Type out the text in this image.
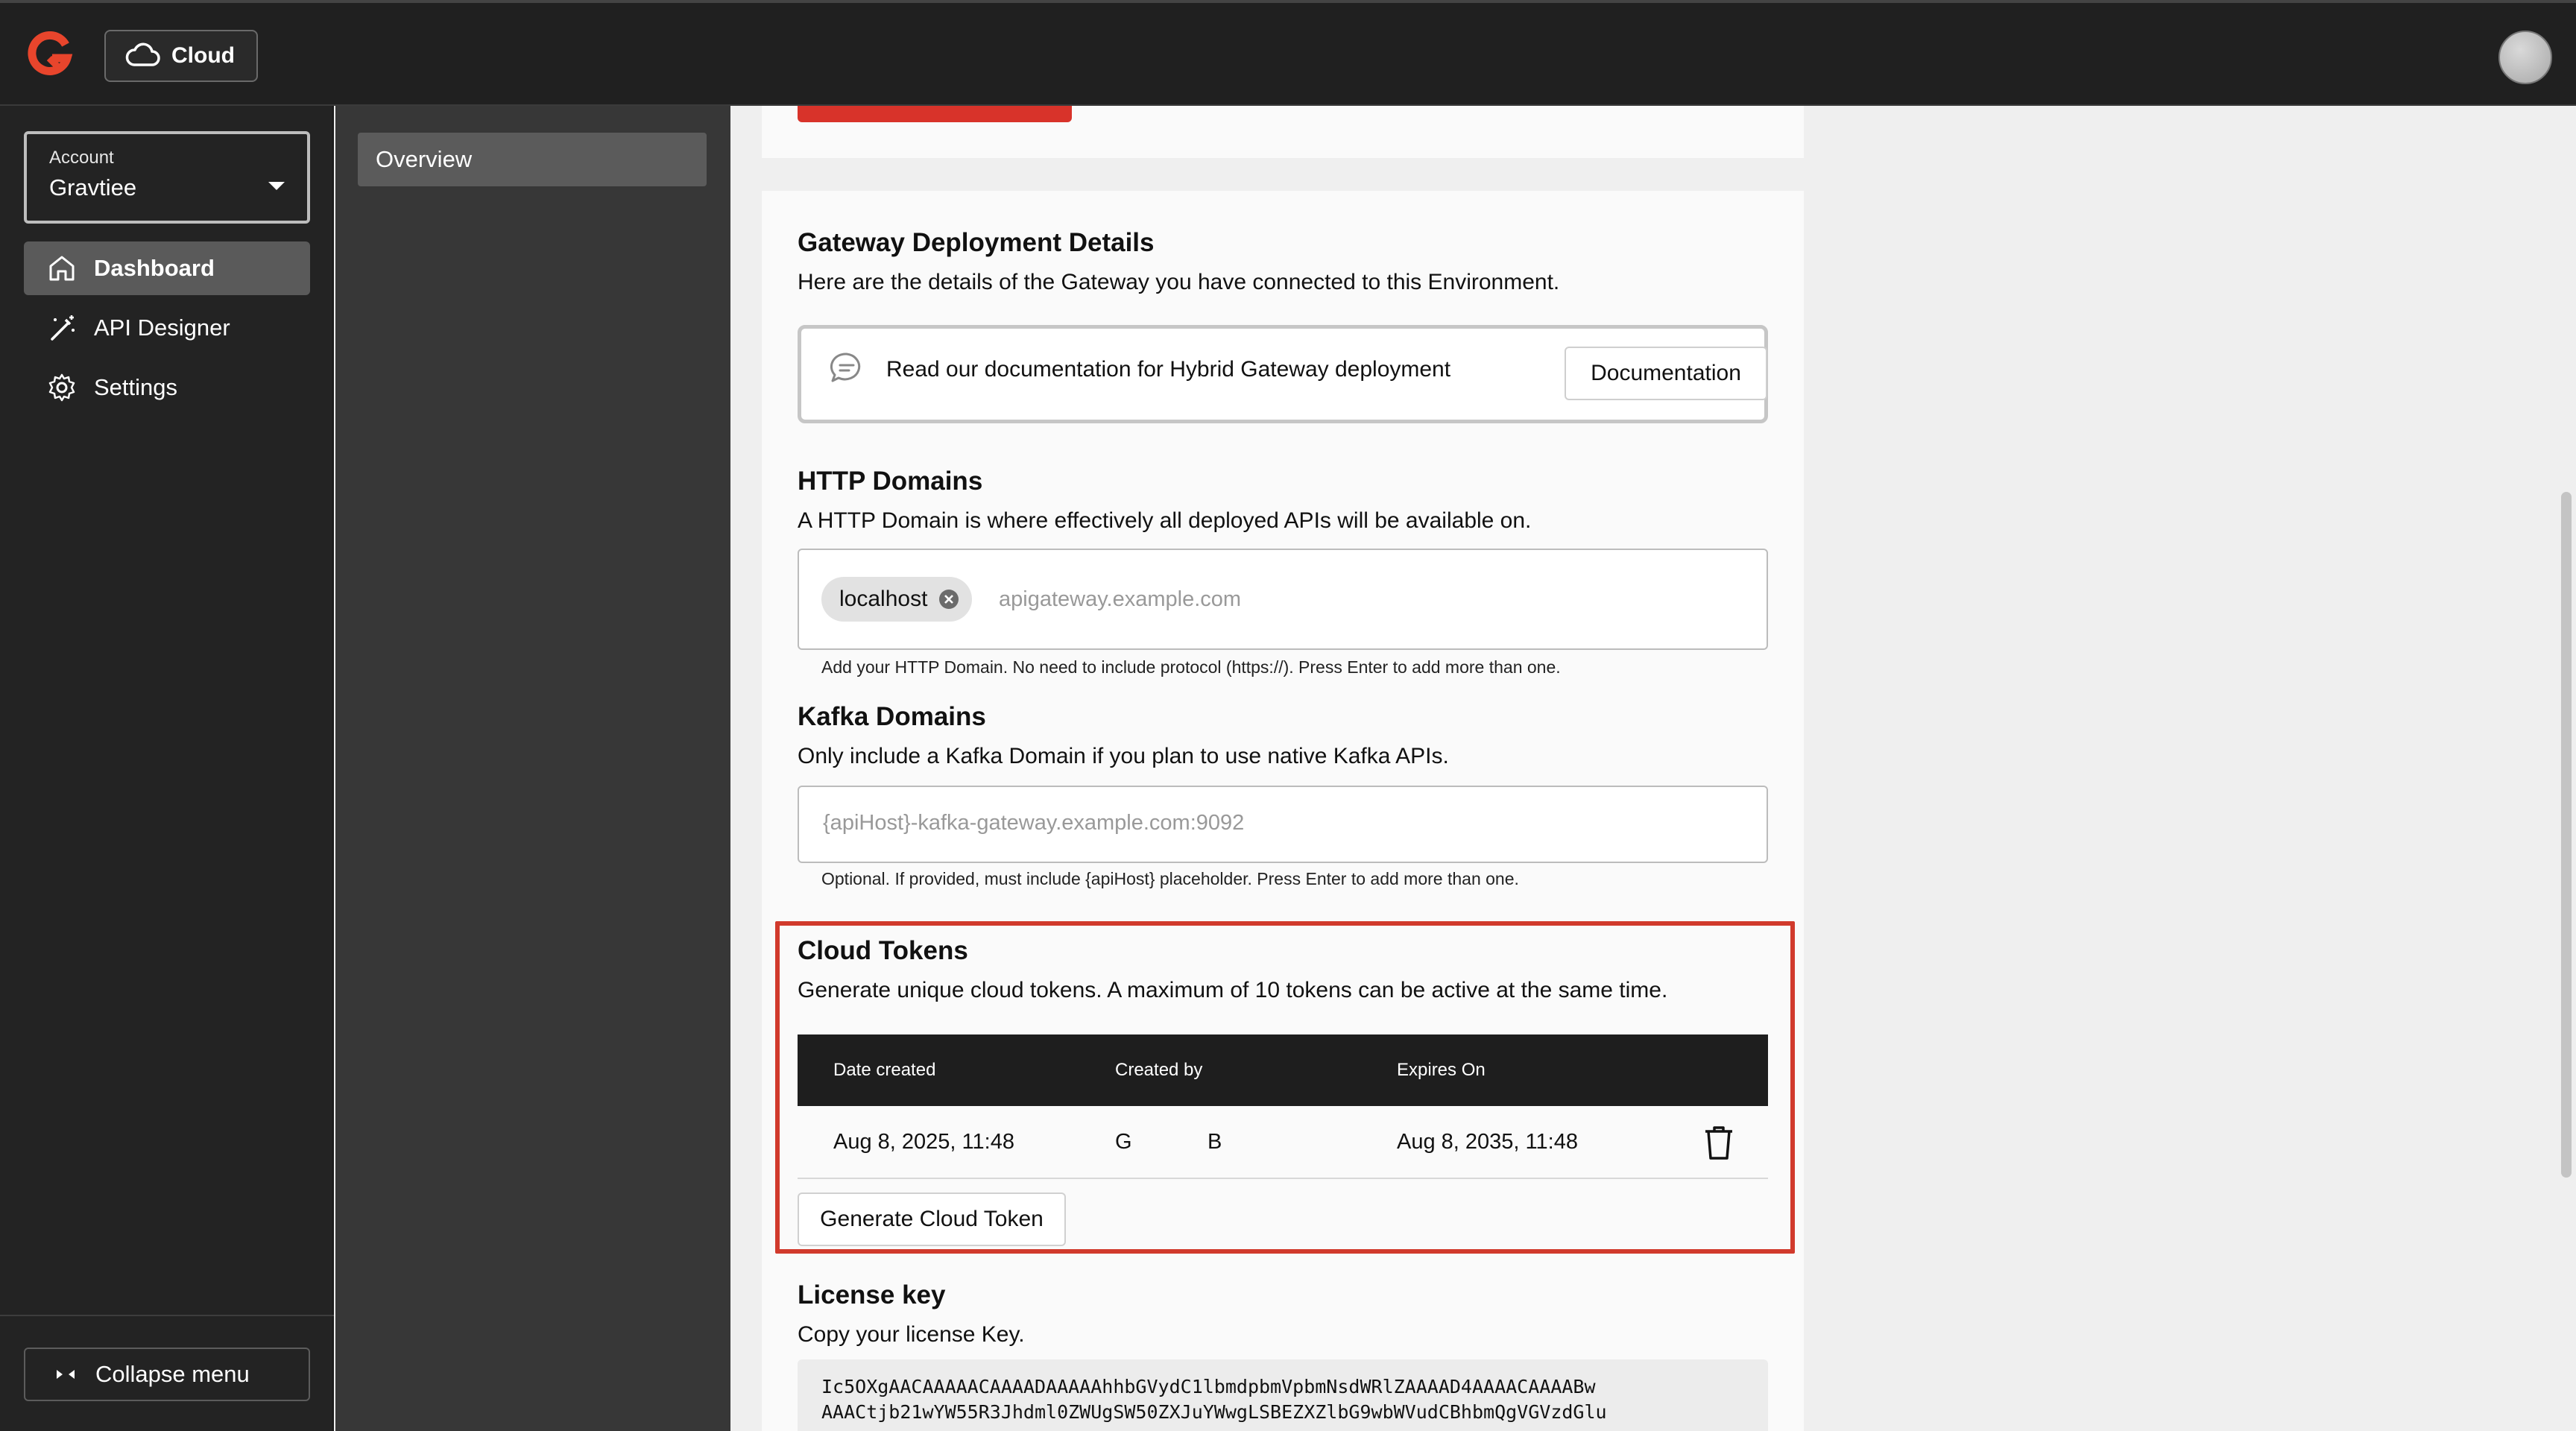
Cloud
Account
Gravtiee
Dashboard
API Designer
Settings
Collapse menu
Overview
Gateway Deployment Details
Here are the details of the Gateway you have connected to this Environment.
Read our documentation for Hybrid Gateway deployment	Documentation
HTTP Domains
A HTTP Domain is where effectively all deployed APIs will be available on.
localhost	apigateway.example.com
Add your HTTP Domain. No need to include protocol (https://). Press Enter to add more than one.
Kafka Domains
Only include a Kafka Domain if you plan to use native Kafka APIs.
{apiHost}-kafka-gateway.example.com:9092
Optional. If provided, must include {apiHost} placeholder. Press Enter to add more than one.
Cloud Tokens
Generate unique cloud tokens. A maximum of 10 tokens can be active at the same time.
Date created	Created by	Expires On
Aug 8, 2025, 11:48	G	B	Aug 8, 2035, 11:48
Generate Cloud Token
License key
Copy your license Key.
Ic5OXgAACAAAAACAAAADAAAAAhhbGVydC1lbmdpbmVpbmNsdWRlZAAAAD4AAAACAAAABw
AAACtjb21wYW55R3Jhdml0ZWUgSW50ZXJuYWwgLSBEZXZlbG9wbWVudCBhbmQgVGVzdGlu
